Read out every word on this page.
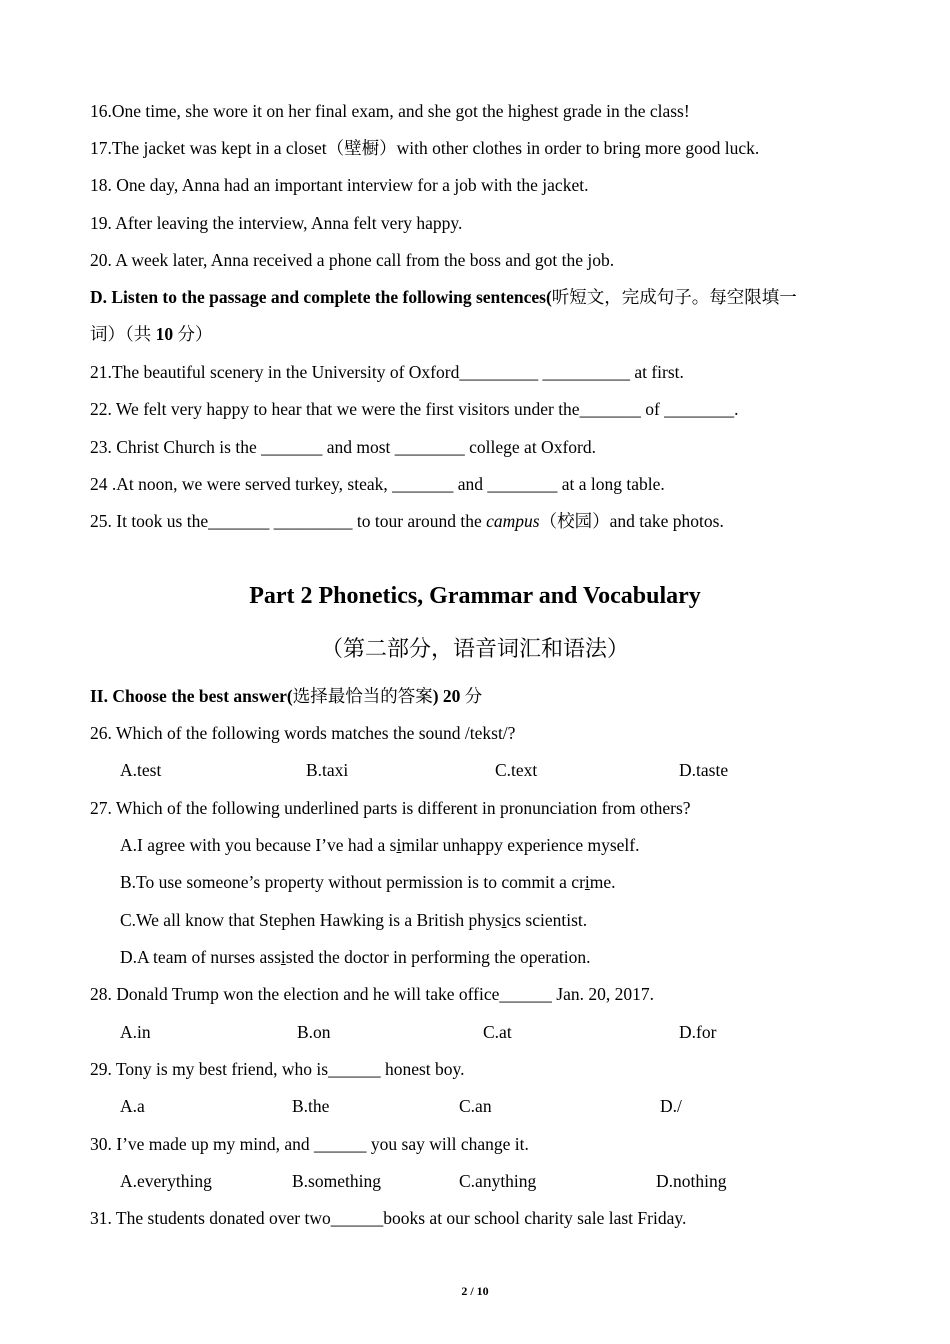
16.One time, she wore it on her final exam, and she got the highest grade in the class!
17.The jacket was kept in a closet（壁橱）with other clothes in order to bring more good luck.
18. One day, Anna had an important interview for a job with the jacket.
19. After leaving the interview, Anna felt very happy.
20. A week later, Anna received a phone call from the boss and got the job.
D. Listen to the passage and complete the following sentences(听短文，完成句子。每空限填一
词）（共 10 分）
21.The beautiful scenery in the University of Oxford_________ __________ at first.
22. We felt very happy to hear that we were the first visitors under the_______ of ________.
23. Christ Church is the _______ and most ________ college at Oxford.
24 .At noon, we were served turkey, steak, _______ and ________ at a long table.
25. It took us the_______ _________ to tour around the campus（校园）and take photos.
Part 2 Phonetics, Grammar and Vocabulary
（第二部分，语音词汇和语法）
II. Choose the best answer(选择最恰当的答案) 20 分
26. Which of the following words matches the sound /tekst/?
A.test	B.taxi	C.text	D.taste
27. Which of the following underlined parts is different in pronunciation from others?
A.I agree with you because I’ve had a similar unhappy experience myself.
B.To use someone’s property without permission is to commit a crime.
C.We all know that Stephen Hawking is a British physics scientist.
D.A team of nurses assisted the doctor in performing the operation.
28. Donald Trump won the election and he will take office______ Jan. 20, 2017.
A.in	B.on	C.at	D.for
29. Tony is my best friend, who is______ honest boy.
A.a	B.the	C.an	D./
30. I’ve made up my mind, and ______ you say will change it.
A.everything	B.something	C.anything	D.nothing
31. The students donated over two______books at our school charity sale last Friday.
2 / 10
